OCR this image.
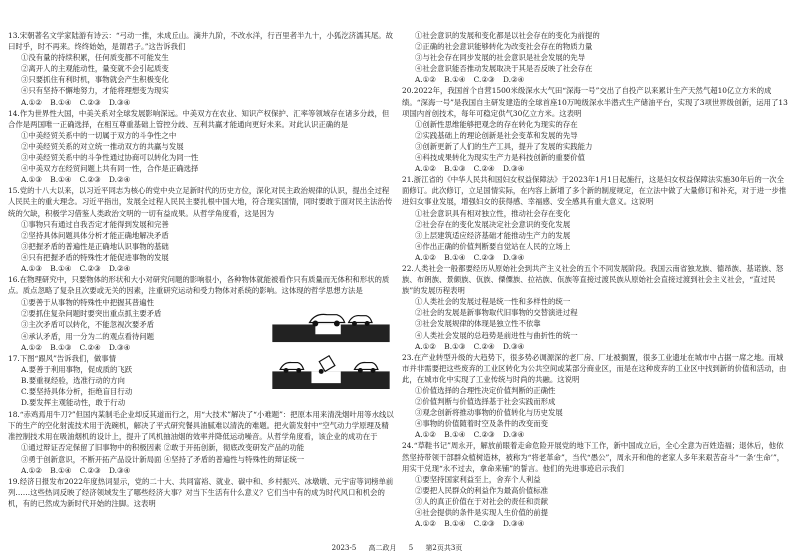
13.宋朝著名文学家陆游有诗云：“弓动一推，未成丘山。滴井九阶，不改水洋，行百里者半九十，小狐汔济濡其尾。故曰时乎，时不再来。终终始始，是谓君子。”这告诉我们

①没有量的持续积累，任何质变都不可能发生

②离开人的主观能动性，量变就不会引起质变

③只要抓住有利时机，事物就会产生积极变化

④只有坚持不懈地努力，才能将理想变为现实

A.①② B.①④ C.②③ D.③④

14.作为世界性大国，中美关系对全球发展影响深远。中美双方在农业、知识产权保护、汇率等领域存在诸多分歧，但合作是两国唯一正确选择，在相互尊重基础上管控分歧、互利共赢才能通向更好未来。对此认识正确的是

①中美经贸关系中的一切属于双方的斗争性之中

②中美经贸关系的对立统一推动双方的共赢与发展

③中美经贸关系中的斗争性通过协商可以转化为同一性

④中美双方在经贸问题上共有同一性，合作是正确选择

A.①③ B.①④ C.②③ D.②④

15.党的十八大以来，以习近平同志为核心的党中央立足新时代的历史方位，深化对民主政治规律的认识，提出全过程人民民主的重大理念。习近平指出，发展全过程人民民主要扎根中国大地，符合现实国情，同时要敢于面对民主法治传统的欠缺，积极学习借鉴人类政治文明的一切有益成果。从哲学角度看，这是因为

①事物只有通过自我否定才能得到发展和完善

②坚持具体问题具体分析才能正确地解决矛盾

③把握矛盾的普遍性是正确地认识事物的基础

④只有把握矛盾的特殊性才能促进事物的发展

A.①③ B.①④ C.②③ D.②④

16.在物理研究中，只要物体的形状和大小对研究问题的影响很小，各种物体就能被看作只有质量而无体积和形状的质点。质点忽略了复杂且次要或无关的因素，注重研究运动和受力物体对系统的影响。这体现的哲学思想方法是

①要善于从事物的特殊性中把握其普遍性

②要抓住复杂问题时要突出重点抓主要矛盾

③主次矛盾可以转化，不能忽视次要矛盾

④承认矛盾，用一分为二的观点看待问题

A.①② B.①③ C.②④ D.③④

17.下图“跟风”告诉我们，做事情

A.要善于利用事物，促成质的飞跃

B.要重视经验，选准行动的方向

C.要坚持具体分析，拒绝盲目行动

D.要发挥主观能动性，敢于行动

18.“赤鸡焉用牛刀?”但国内某制毛企业却反其道而行之，用“大技术”解决了“小难题”：把原本用来清洗烟叶用等水线以下的生产的空化射流技术用于洗碗机，解决了平式研究餐具油腻难以清洗的难题。把火箭发射中“空气动力学原理及精准控制技术用在吸油烟机的设计上，提升了风机抽油烟的效率并降低运动噪音。从哲学角度看，该企业的成功在于

①通过辩证否定保留了旧事物中的积极因素 ②敢于开拓创新，彻底改变研发产品的功能

③勇于创新意识，不断开拓产品设计新局面 ④坚持了矛盾的普遍性与特殊性的辩证统一

A.①② B.①④ C.②③ D.③④

19.经济日报发布2022年度热词显示，党的二十大、共同富裕、就业、碳中和、乡村振兴、冰墩墩、元宇宙等词榜单前列……这些热词反映了经济领域发生了哪些经济大事？对当下生活有什么意义？它们当中有的成为时代风口和机会的机，有的已然成为新时代开始的注脚。这表明

①社会意识的发展和变化都是以社会存在的变化为前提的

②正确的社会意识能够转化为改变社会存在的物质力量

③与社会存在同步发展的社会意识是社会发展的先导

④社会意识能否推动发展取决于其是否反映了社会存在

A.①② B.①④ C.②③ D.②④

20.2022年，我国首个自营1500米级深水大气田“深海一号”交出了自投产以来累计生产天然气超10亿立方米的成绩。“深海一号”是我国自主研发建造的全球首座10万吨级深水半潜式生产储油平台，实现了3项世界级创新，运用了13项国内首创技术，每年可稳定供气30亿立方米。这表明

①创新性思维能够把观念的存在转化为现实的存在

②实践基础上的理论创新是社会变革和发展的先导

③创新更新了人们的生产工具，提升了发展的实践能力

④科技成果转化为现实生产力是科技创新的重要价值

A.①② B.①③ C.②④ D.③④

21.浙江省的《中华人民共和国妇女权益保障法》于2023年1月1日起施行，这是妇女权益保障法实施30年后的一次全面修订。此次修订，立足国情实际，在内容上新增了多个新的制度规定，在立法中做了大量修订和补充，对于进一步推进妇女事业发展，增强妇女的获得感、幸福感、安全感具有重大意义。这说明

①社会意识具有相对独立性，推动社会存在变化

②社会存在的变化发展决定社会意识的变化发展

③上层建筑适应经济基础才能推动生产力的发展

④作出正确的价值判断要自觉站在人民的立场上

A.①② B.①④ C.②③ D.③④

22.人类社会一般都要经历从原始社会到共产主义社会的五个不同发展阶段。我国云南省独龙族、德昂族、基诺族、怒族、布朗族、景颇族、佤族、傈僳族、拉祜族、佤族等直接过渡民族从原始社会直接过渡到社会主义社会，“直过民族”的发展历程表明

①人类社会的发展过程是统一性和多样性的统一

②社会的发展是新事物取代旧事物的交替演进过程

③社会发展规律的体现是独立性不依靠

④人类社会发展的总趋势是前进性与曲折性的统一

A.①② B.①③ C.②④ D.③④

23.在产业转型升级的大趋势下，很多势必调源深的老厂房、厂址被搁置，很多工业遗址在城市中占据一席之地。而城市并非需要把这些废弃的工业区转化为公共空间或某部分商业区，而是在这种废弃的工业区中找到新的价值和活动，由此，在城市化中实现了工业传统与时尚的共融。这说明

①价值选择的合理性决定价值判断的正确性

②价值判断与价值选择基于社会实践而形成

③观念创新将推动事物的价值转化与历史发展

④事物的价值随着时空及条件的改变而变

A.①② B.①④ C.②③ D.③④

24.“草鞋书记”周永开，解放前眼着走命危险开展党的地下工作，新中国成立后，全心全意为百姓造福；退休后，他依然坚持带领干部群众植树造林，被称为“将老革命”，当代“愚公”，周永开和他的老家人多年来艰苦奋斗“一条‘生命’”，用实干兑现“永不过去，拿命来铺”的誓言。他们的先进事迹启示我们

①要坚持国家利益至上，舍弃个人利益

②要把人民群众的利益作为最高价值标准

③人的真正价值在于对社会的责任和贡献

④社会提供的条件是实现人生价值的前提

A.①② B.①④ C.②③ D.③④

2023-5 高二政月 5 第2页共3页
